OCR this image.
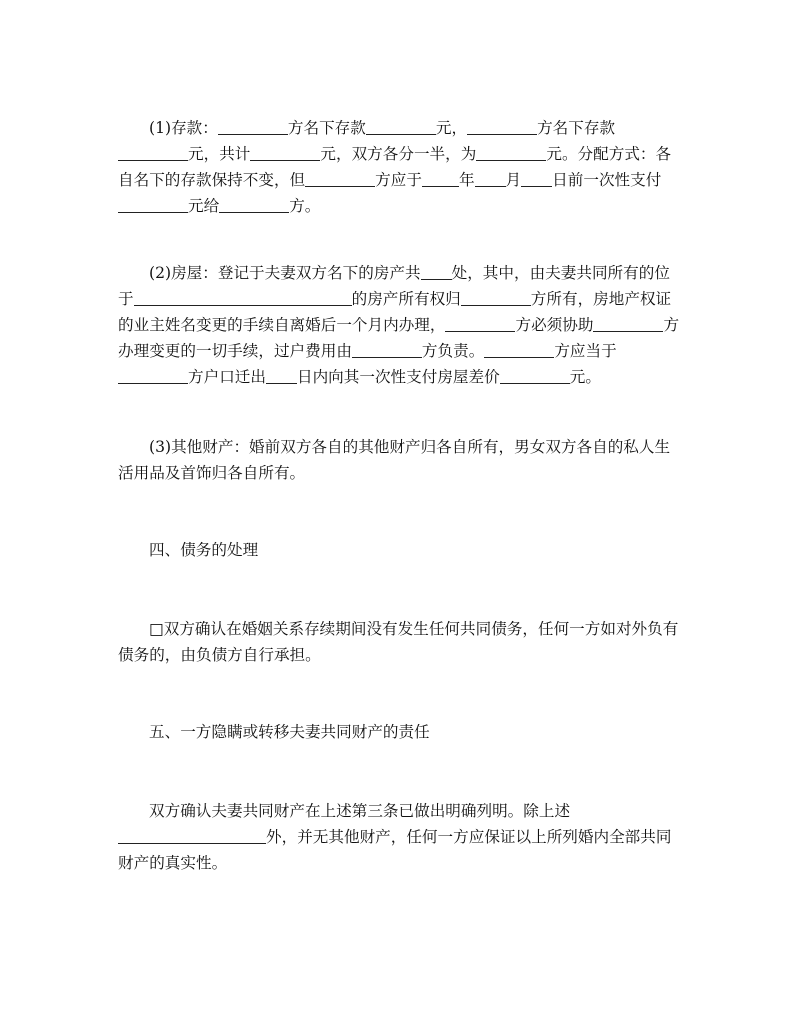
(1)存款：	方名下存款	元，	方名下存款
元，共计	元，双方各分一半，为	元。分配方式：各
自名下的存款保持不变，但	方应于 年 月 日前一次性支付
元给	方。
(2)房屋：登记于夫妻双方名下的房产共 处，其中，由夫妻共同所有的位
于	的房产所有权归	方所有，房地产权证
的业主姓名变更的手续自离婚后一个月内办理，	方必须协助	方
办理变更的一切手续，过户费用由	方负责。	方应当于
方户口迁出 日内向其一次性支付房屋差价	元。
(3)其他财产：婚前双方各自的其他财产归各自所有，男女双方各自的私人生
活用品及首饰归各自所有。
四、债务的处理
□双方确认在婚姻关系存续期间没有发生任何共同债务，任何一方如对外负有
债务的，由负债方自行承担。
五、一方隐瞒或转移夫妻共同财产的责任
双方确认夫妻共同财产在上述第三条已做出明确列明。除上述
外，并无其他财产，任何一方应保证以上所列婚内全部共同
财产的真实性。
